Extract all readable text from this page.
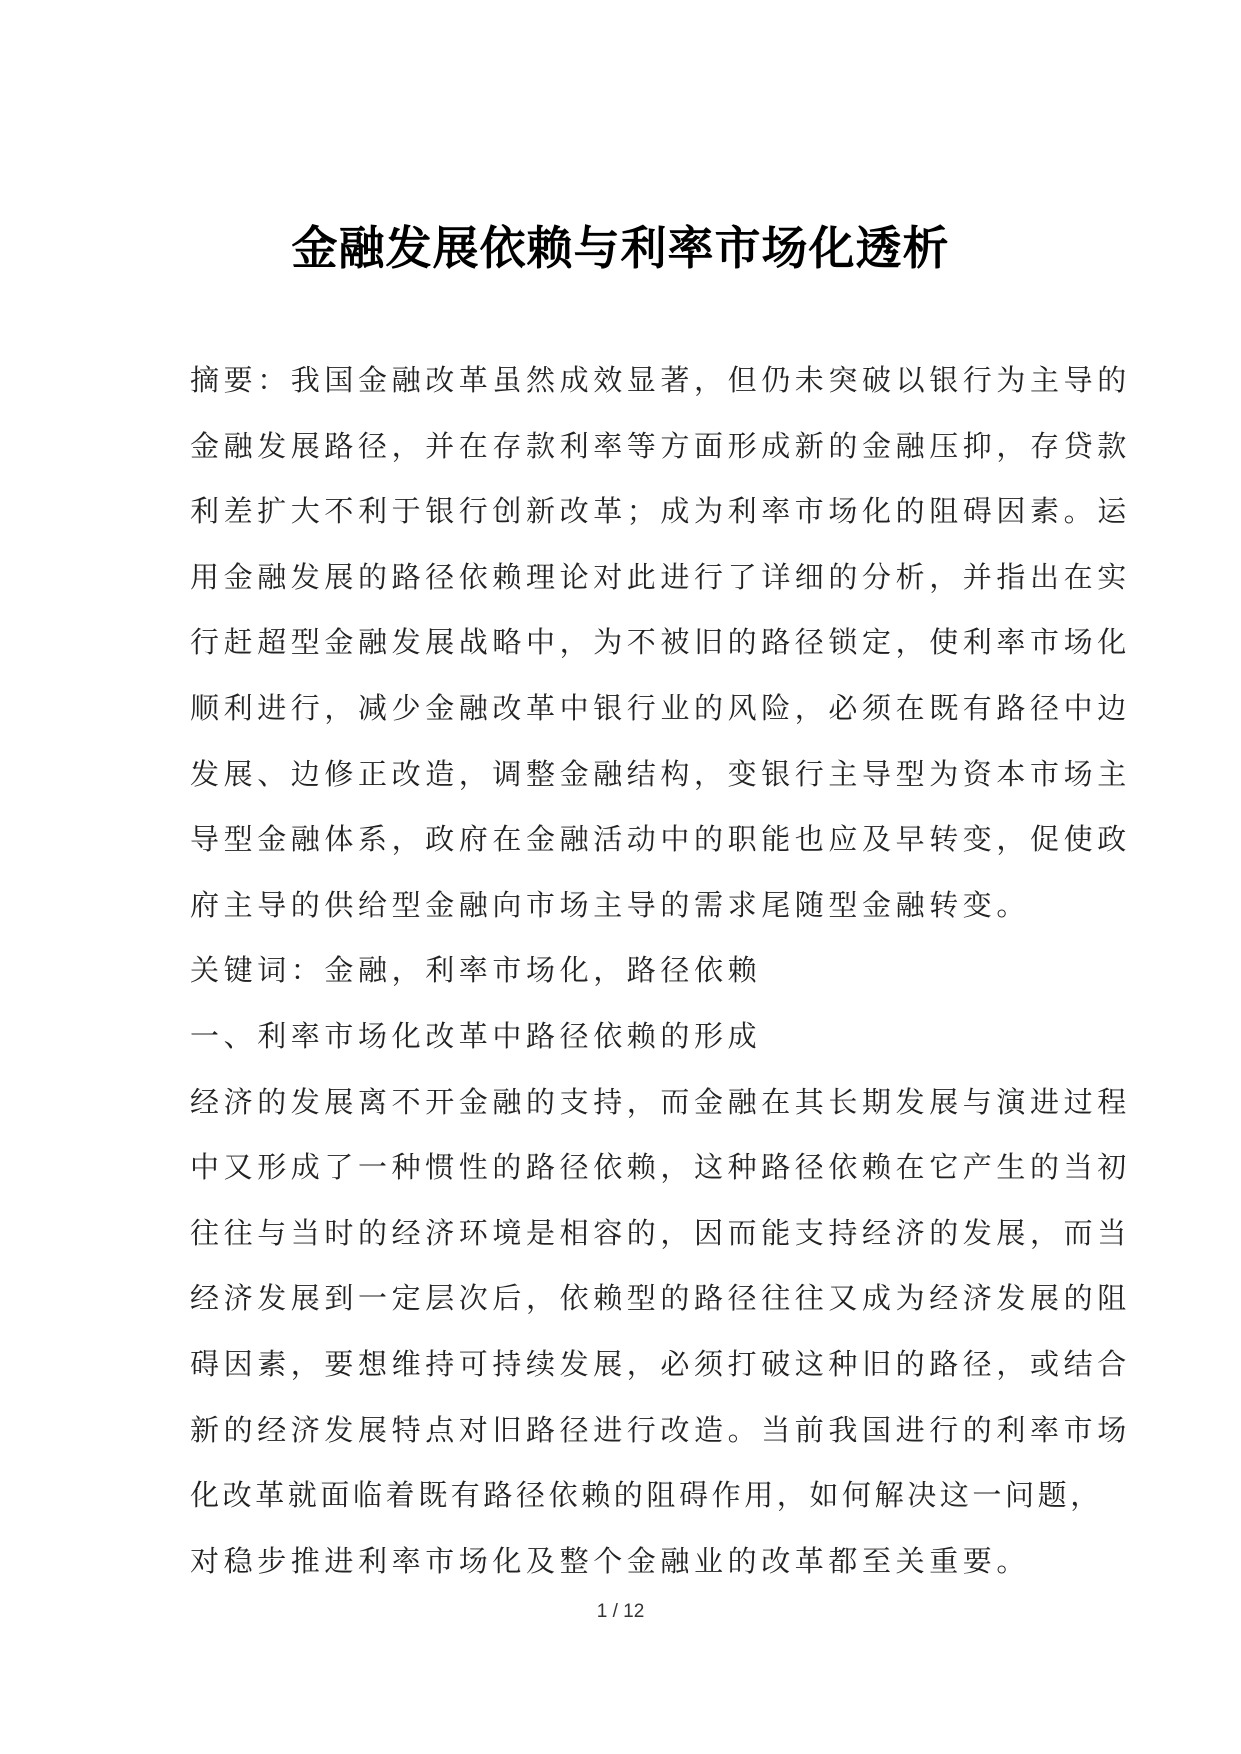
金融发展依赖与利率市场化透析
摘要：我国金融改革虽然成效显著，但仍未突破以银行为主导的
金融发展路径，并在存款利率等方面形成新的金融压抑，存贷款
利差扩大不利于银行创新改革；成为利率市场化的阻碍因素。运
用金融发展的路径依赖理论对此进行了详细的分析，并指出在实
行赶超型金融发展战略中，为不被旧的路径锁定，使利率市场化
顺利进行，减少金融改革中银行业的风险，必须在既有路径中边
发展、边修正改造，调整金融结构，变银行主导型为资本市场主
导型金融体系，政府在金融活动中的职能也应及早转变，促使政
府主导的供给型金融向市场主导的需求尾随型金融转变。
关键词：金融，利率市场化，路径依赖
一、利率市场化改革中路径依赖的形成
经济的发展离不开金融的支持，而金融在其长期发展与演进过程
中又形成了一种惯性的路径依赖，这种路径依赖在它产生的当初
往往与当时的经济环境是相容的，因而能支持经济的发展，而当
经济发展到一定层次后，依赖型的路径往往又成为经济发展的阻
碍因素，要想维持可持续发展，必须打破这种旧的路径，或结合
新的经济发展特点对旧路径进行改造。当前我国进行的利率市场
化改革就面临着既有路径依赖的阻碍作用，如何解决这一问题，
对稳步推进利率市场化及整个金融业的改革都至关重要。
1 / 12
